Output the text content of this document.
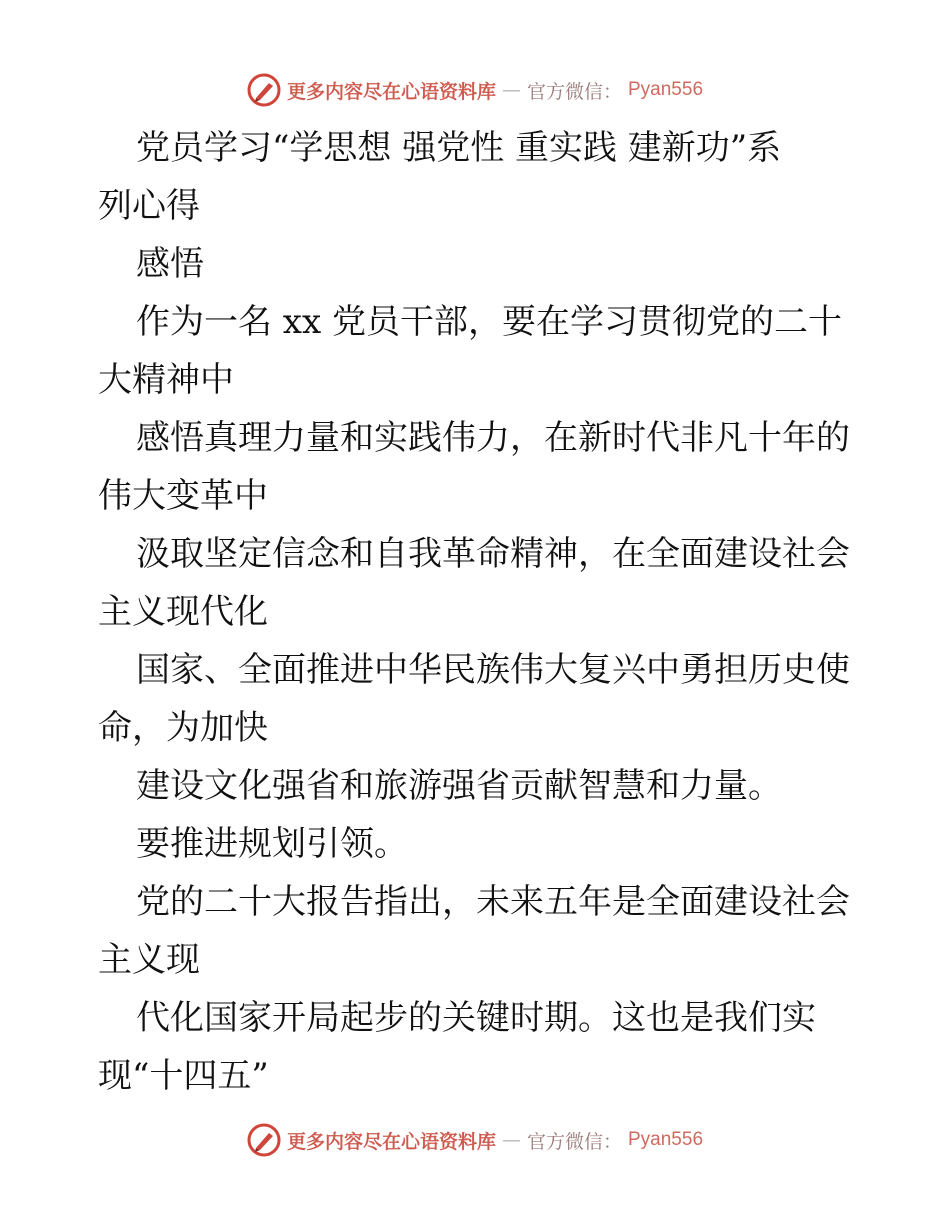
更多内容尽在心语资料库 — 官方微信： Pyan556
党员学习“学思想 强党性 重实践 建新功”系
列心得
感悟
作为一名 xx 党员干部，要在学习贯彻党的二十
大精神中
感悟真理力量和实践伟力，在新时代非凡十年的
伟大变革中
汲取坚定信念和自我革命精神，在全面建设社会
主义现代化
国家、全面推进中华民族伟大复兴中勇担历史使
命，为加快
建设文化强省和旅游强省贡献智慧和力量。
要推进规划引领。
党的二十大报告指出，未来五年是全面建设社会
主义现
代化国家开局起步的关键时期。这也是我们实
现“十四五”
更多内容尽在心语资料库 — 官方微信： Pyan556
